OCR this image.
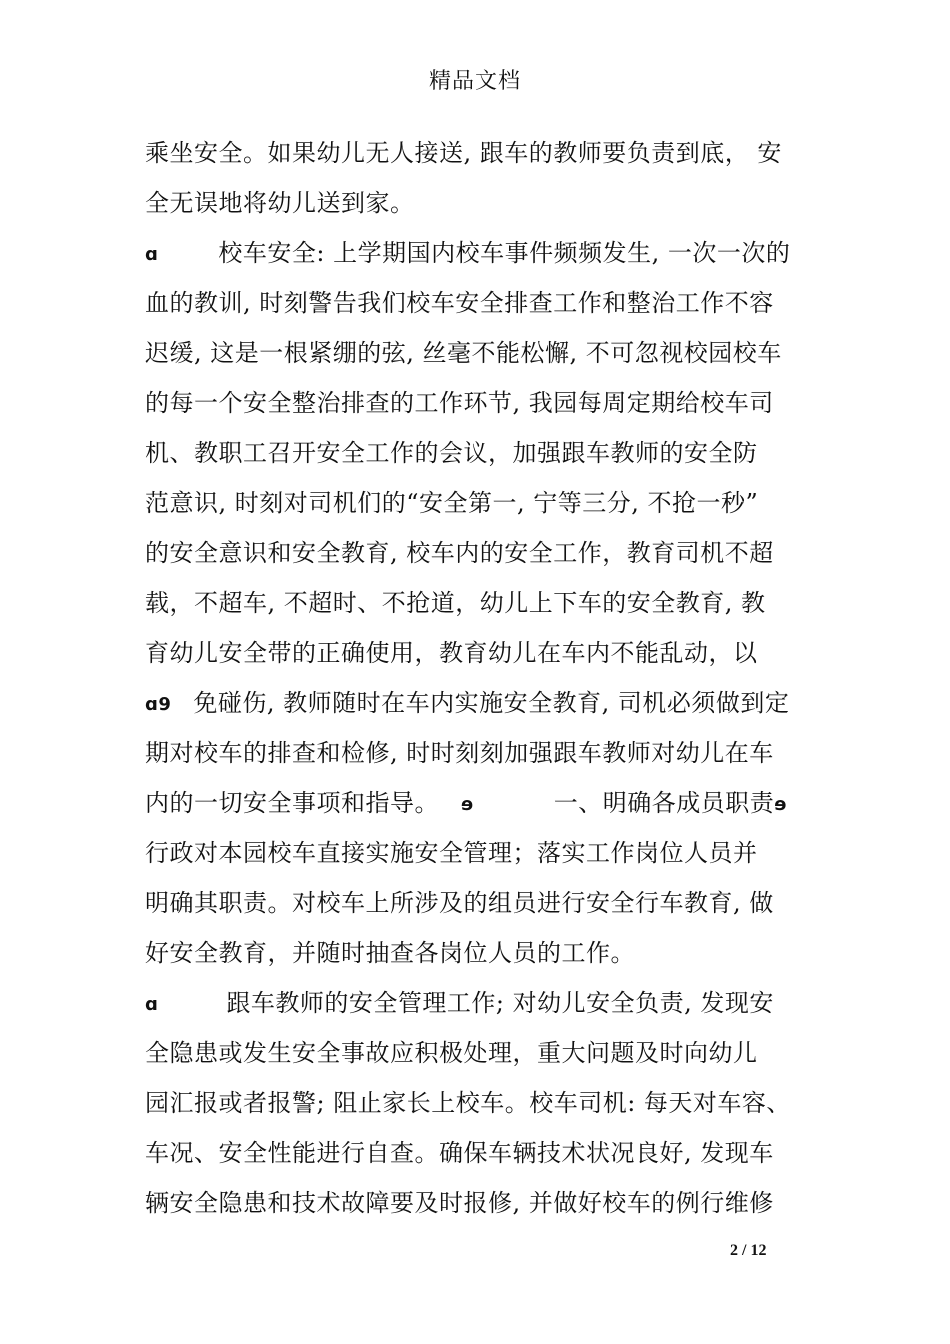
精品文档
乘坐安全。如果幼儿无人接送, 跟车的教师要负责到底， 安
全无误地将幼儿送到家。
ɑ	校车安全: 上学期国内校车事件频频发生, 一次一次的
血的教训, 时刻警告我们校车安全排查工作和整治工作不容
迟缓, 这是一根紧绷的弦, 丝毫不能松懈, 不可忽视校园校车
的每一个安全整治排查的工作环节, 我园每周定期给校车司
机、教职工召开安全工作的会议，加强跟车教师的安全防
范意识, 时刻对司机们的“安全第一, 宁等三分, 不抢一秒”
的安全意识和安全教育, 校车内的安全工作，教育司机不超
载，不超车, 不超时、不抢道，幼儿上下车的安全教育, 教
育幼儿安全带的正确使用，教育幼儿在车内不能乱动，以
ɑ9 免碰伤, 教师随时在车内实施安全教育, 司机必须做到定
期对校车的排查和检修, 时时刻刻加强跟车教师对幼儿在车
内的一切安全事项和指导。 ɘ	一、明确各成员职责ɘ
行政对本园校车直接实施安全管理；落实工作岗位人员并
明确其职责。对校车上所涉及的组员进行安全行车教育, 做
好安全教育，并随时抽查各岗位人员的工作。
ɑ	跟车教师的安全管理工作; 对幼儿安全负责, 发现安
全隐患或发生安全事故应积极处理，重大问题及时向幼儿
园汇报或者报警; 阻止家长上校车。校车司机: 每天对车容、
车况、安全性能进行自查。确保车辆技术状况良好, 发现车
辆安全隐患和技术故障要及时报修, 并做好校车的例行维修
2 / 12
